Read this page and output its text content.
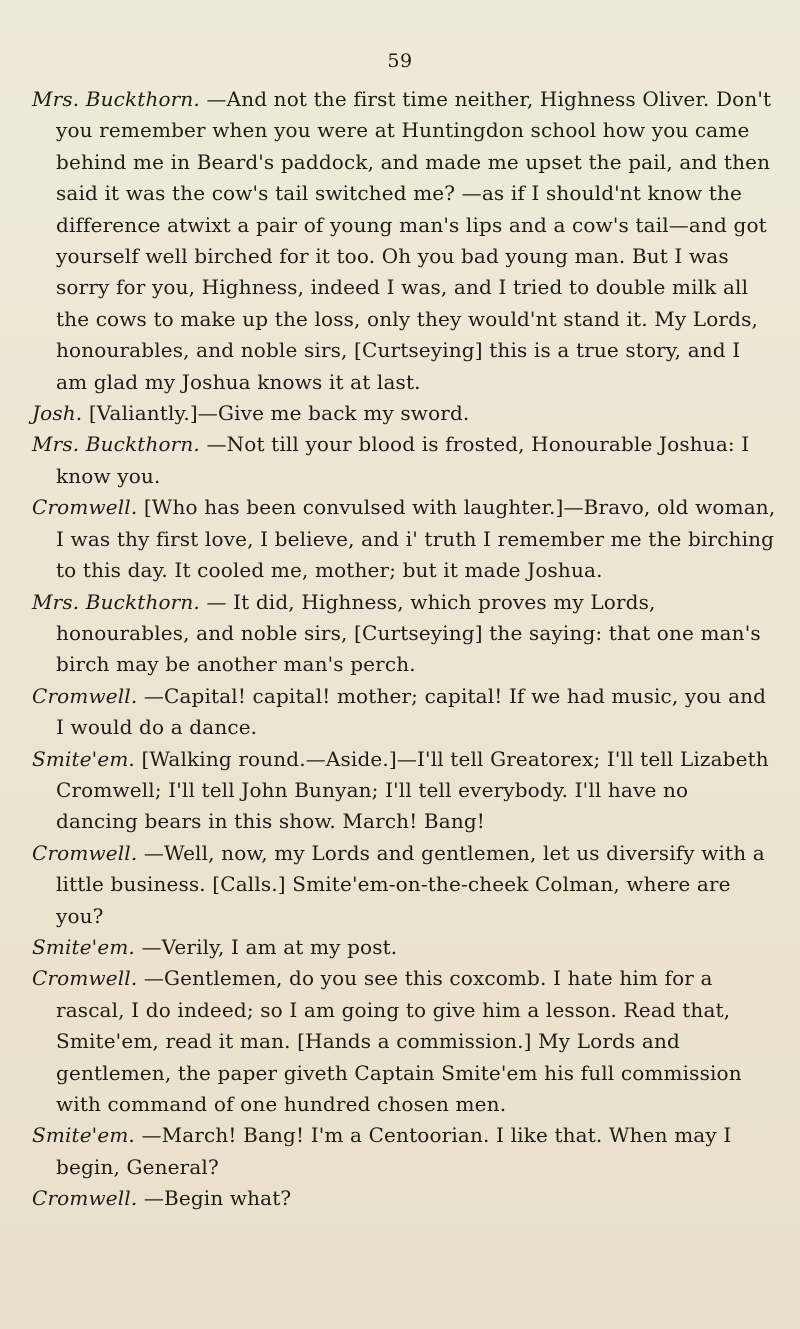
59

Mrs. Buckthorn. —And not the first time neither, Highness Oliver. Don't you remember when you were at Huntingdon school how you came behind me in Beard's paddock, and made me upset the pail, and then said it was the cow's tail switched me? —as if I should'nt know the difference atwixt a pair of young man's lips and a cow's tail—and got yourself well birched for it too. Oh you bad young man. But I was sorry for you, Highness, indeed I was, and I tried to double milk all the cows to make up the loss, only they would'nt stand it. My Lords, honourables, and noble sirs, [Curtseying] this is a true story, and I am glad my Joshua knows it at last.

Josh. [Valiantly.]—Give me back my sword.

Mrs. Buckthorn. —Not till your blood is frosted, Honourable Joshua: I know you.

Cromwell. [Who has been convulsed with laughter.]—Bravo, old woman, I was thy first love, I believe, and i' truth I remember me the birching to this day. It cooled me, mother; but it made Joshua.

Mrs. Buckthorn. — It did, Highness, which proves my Lords, honourables, and noble sirs, [Curtseying] the saying: that one man's birch may be another man's perch.

Cromwell. —Capital! capital! mother; capital! If we had music, you and I would do a dance.

Smite'em. [Walking round.—Aside.]—I'll tell Greatorex; I'll tell Lizabeth Cromwell; I'll tell John Bunyan; I'll tell everybody. I'll have no dancing bears in this show. March! Bang!

Cromwell. —Well, now, my Lords and gentlemen, let us diversify with a little business. [Calls.] Smite'em-on-the-cheek Colman, where are you?

Smite'em. —Verily, I am at my post.

Cromwell. —Gentlemen, do you see this coxcomb. I hate him for a rascal, I do indeed; so I am going to give him a lesson. Read that, Smite'em, read it man. [Hands a commission.] My Lords and gentlemen, the paper giveth Captain Smite'em his full commission with command of one hundred chosen men.

Smite'em. —March! Bang! I'm a Centoorian. I like that. When may I begin, General?

Cromwell. —Begin what?
